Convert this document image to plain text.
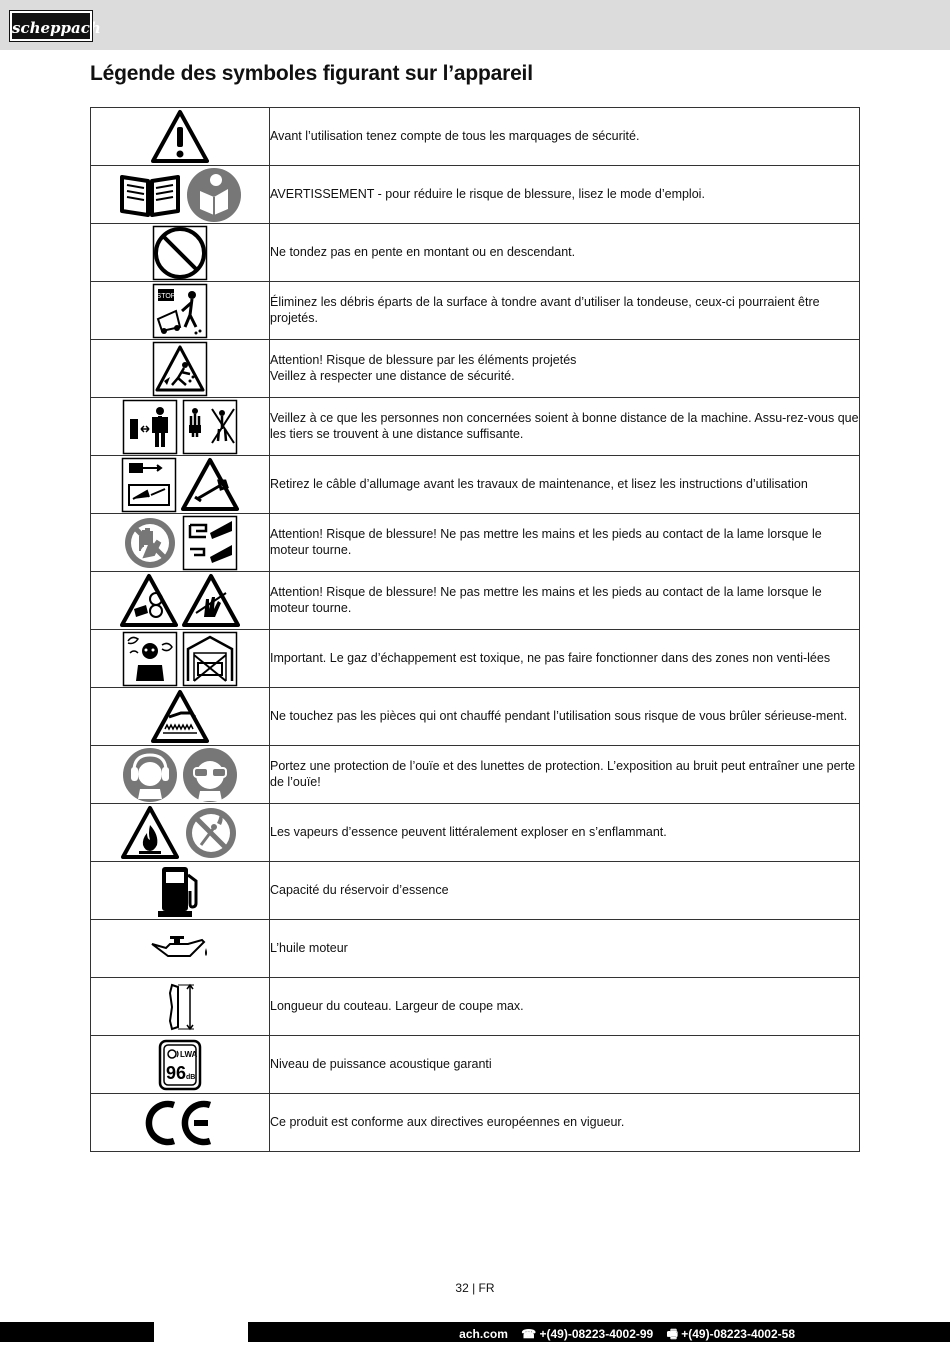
scheppach
Légende des symboles figurant sur l’appareil
	Avant l’utilisation tenez compte de tous les marquages de sécurité.

	AVERTISSEMENT - pour réduire le risque de blessure, lisez le mode d’emploi.

	Ne tondez pas en pente en montant ou en descendant.

STOP	Éliminez les débris éparts de la surface à tondre avant d’utiliser la tondeuse, ceux-ci pourraient être projetés.

	Attention! Risque de blessure par les éléments projetés
Veillez à respecter une distance de sécurité.

	Veillez à ce que les personnes non concernées soient à bonne distance de la machine. Assu-rez-vous que les tiers se trouvent à une distance suffisante.

	Retirez le câble d’allumage avant les travaux de maintenance, et lisez les instructions d’utilisation

	Attention! Risque de blessure! Ne pas mettre les mains et les pieds au contact de la lame lorsque le moteur tourne.

	Attention! Risque de blessure! Ne pas mettre les mains et les pieds au contact de la lame lorsque le moteur tourne.

	Important. Le gaz d’échappement est toxique, ne pas faire fonctionner dans des zones non venti-lées

	Ne touchez pas les pièces qui ont chauffé pendant l’utilisation sous risque de vous brûler sérieuse-ment.

	Portez une protection de l’ouïe et des lunettes de protection. L’exposition au bruit peut entraîner une perte de l’ouïe!

	Les vapeurs d’essence peuvent littéralement exploser en s’enflammant.

	Capacité du réservoir d’essence

	L’huile moteur

	Longueur du couteau. Largeur de coupe max.

LWA
96 dB	Niveau de puissance acoustique garanti

	Ce produit est conforme aux directives européennes en vigueur.
32 | FR
ach.com ☎ +(49)-08223-4002-99 🖷 +(49)-08223-4002-58
